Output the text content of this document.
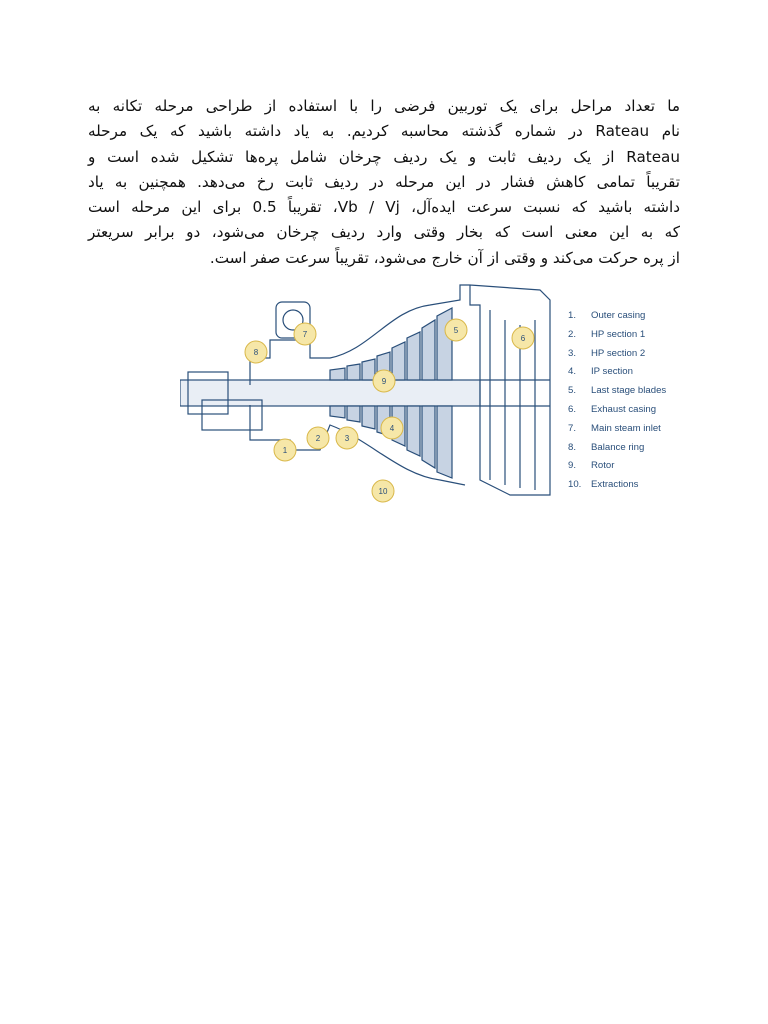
ما تعداد مراحل برای یک توربین فرضی را با استفاده از طراحی مرحله تکانه به
نام Rateau در شماره گذشته محاسبه کردیم. به یاد داشته باشید که یک مرحله
Rateau از یک ردیف ثابت و یک ردیف چرخان شامل پره‌ها تشکیل شده است و
تقریباً تمامی کاهش فشار در این مرحله در ردیف ثابت رخ می‌دهد. همچنین به یاد
داشته باشید که نسبت سرعت ایده‌آل، Vb / Vj، تقریباً 0.5 برای این مرحله است
که به این معنی است که بخار وقتی وارد ردیف چرخان می‌شود، دو برابر سریعتر
از پره حرکت می‌کند و وقتی از آن خارج می‌شود، تقریباً سرعت صفر است.
1
2	3
4
5
6
7
8
9
10
1.	Outer casing
2.	HP section 1
3.	HP section 2
4.	IP section
5.	Last stage blades
6.	Exhaust casing
7.	Main steam inlet
8.	Balance ring
9.	Rotor
10.	Extractions
